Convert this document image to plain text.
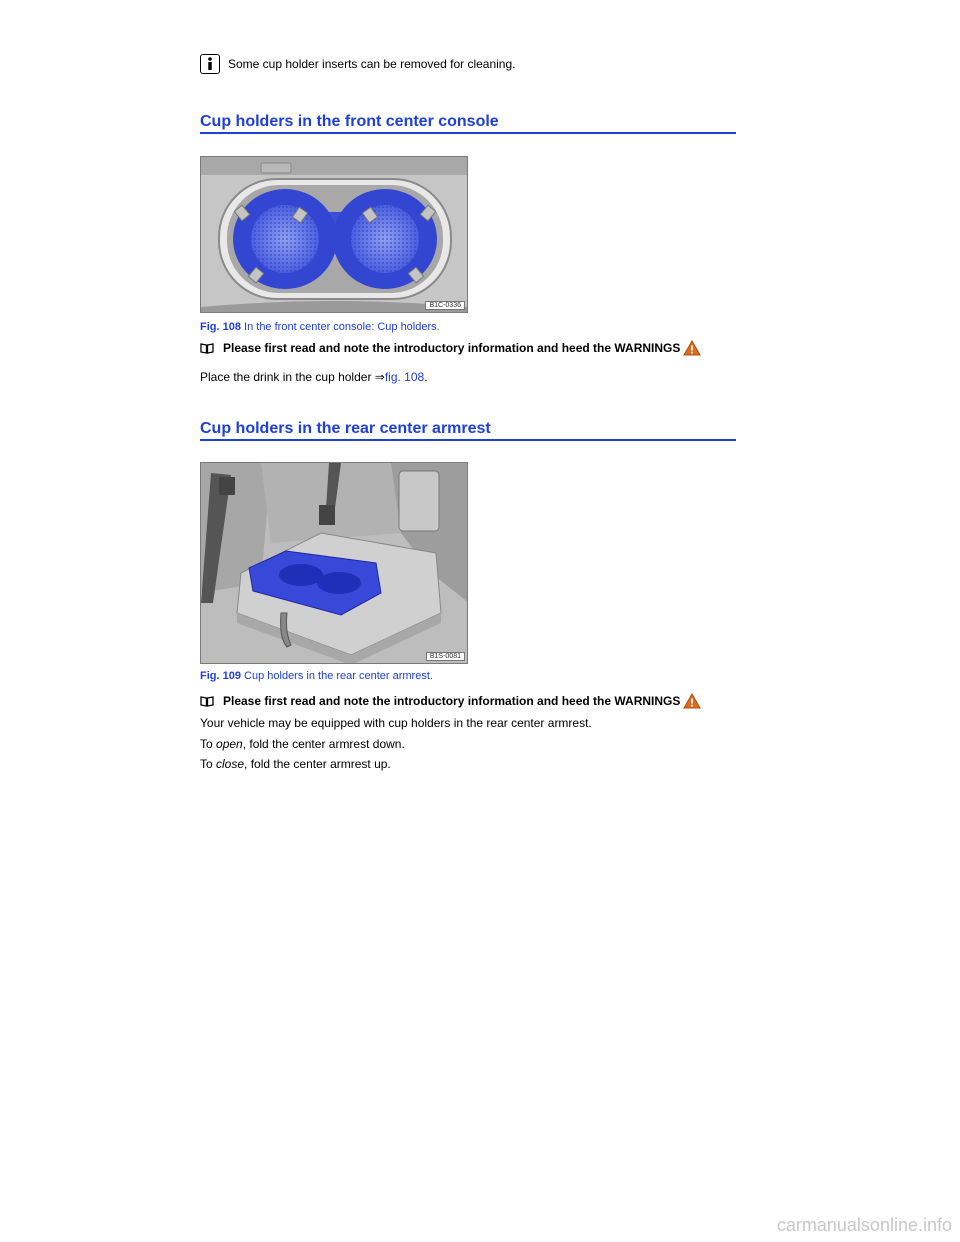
Some cup holder inserts can be removed for cleaning.
Cup holders in the front center console
B1C-0336
Fig. 108 In the front center console: Cup holders.
Please first read and note the introductory information and heed the WARNINGS
Place the drink in the cup holder ⇒fig. 108.
Cup holders in the rear center armrest
B1S-0081
Fig. 109 Cup holders in the rear center armrest.
Please first read and note the introductory information and heed the WARNINGS
Your vehicle may be equipped with cup holders in the rear center armrest.
To open, fold the center armrest down.
To close, fold the center armrest up.
carmanualsonline.info
